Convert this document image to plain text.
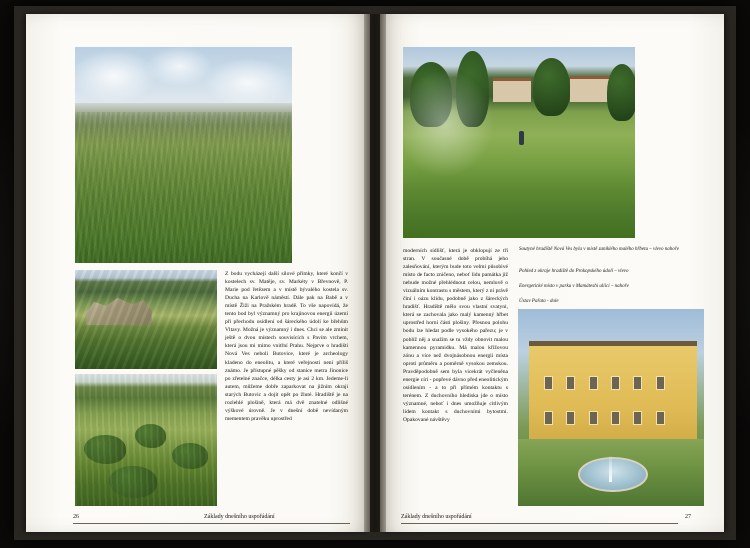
Z bodu vycházejí další silové přímky, které končí v kostelech sv. Matěje, sv. Markéty v Břevnově, P. Marie pod řetězem a v místě bývalého kostela sv. Ducha na Karlově náměstí. Dále pak na Babě a v místě Žiži na Pražském hradě. To vše napovídá, že tento bod byl významný pro krajinovou energii území při přechodu osídlení od šáreckého údolí ke břehům Vltavy. Možná je významný i dnes. Chci se ale zmínit ještě o dvou místech souvisících s Pavím vrchem, která jsou mi mimo vnitřní Prahu. Nejprve o hradišti Nová Ves neboli Butovice, které je archeology kladeno do eneolitu, a které veřejnosti není příliš známo. Je přístupné pěšky od stanice metra Jinonice po zřetelné značce, délka cesty je asi 2 km. Jedeme-li autem, můžeme dobře zaparkovat na jižním okraji starých Butovic a dojít opět po žluté. Hradiště je na rozlehlé plošině, která má dvě znatelné odlišné výškové úrovně. Je v dnešní době nevídaným mementem pravěku uprostřed
26	Základy dnešního uspořádání
moderních sídlišť, která je obklopují ze tří stran. V současné době probíhá jeho zalesňování, kterým bude toto velmi působivé místo de facto zničeno, neboť lidu památka již nebude možné přehlédnout celou, nemluvě o vizuálním kontrastu s městem, který z ní právě činí i oázu klidu, podobně jako z šáreckých hradišť. Hradiště mělo svou vlastní svatyni, která se zachovala jako malý kamenný hřbet uprostřed horní části plošiny. Přesnou polohu bodu lze hledat podle vysokého pařezu; je v poblíž něj a snažím se tu vždy obnovit malou kamennou pyramidku. Má malou křížovou zónu a více než dvojnásobnou energii místa oproti průměru a poměrně vysokou zemskou. Pravděpodobně sem byla vicekrát vyčleněna energie círi - popřevé dávno před eneolitickým osídlením - a to při přímém kontaktu s terénem. Z duchovního hlediska jde o místo významné, neboť i dnes umožňuje citlivým lidem kontakt s duchovními bytostmi. Opakované návštěvy
Soutyné hradiště Nová Ves byla v místě zaniklého malého hřbetu – vlevo nahoře
Pohled z okraje hradiště do Prokopského údolí – vlevo
Energetické místo v parku v Mamáteshi uliici – nahoře
Ústav Pařata - dole
Základy dnešního uspořádání	27
